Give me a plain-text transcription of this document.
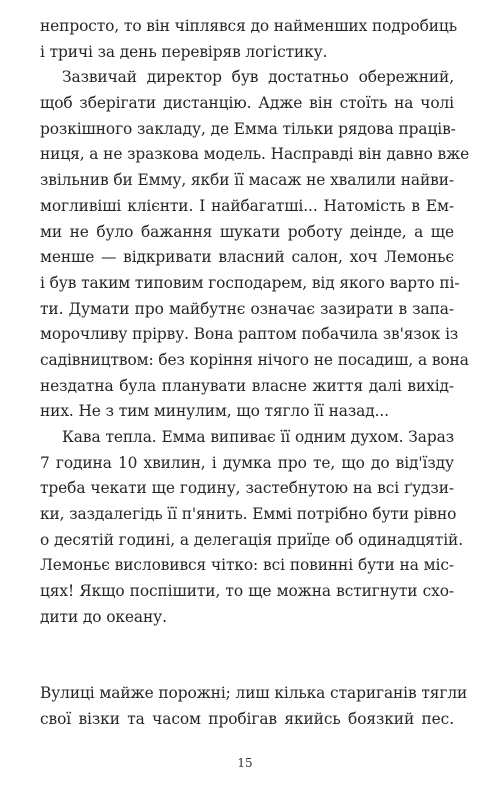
непросто, то він чіплявся до найменших подробиць
і тричі за день перевіряв логістику.
Зазвичай директор був достатньо обережний,
щоб зберігати дистанцію. Адже він стоїть на чолі
розкішного закладу, де Емма тільки рядова праців-
ниця, а не зразкова модель. Насправді він давно вже
звільнив би Емму, якби її масаж не хвалили найви-
могливіші клієнти. І найбагатші... Натомість в Ем-
ми не було бажання шукати роботу деінде, а ще
менше — відкривати власний салон, хоч Лемоньє
і був таким типовим господарем, від якого варто пі-
ти. Думати про майбутнє означає зазирати в запа-
морочливу прірву. Вона раптом побачила зв'язок із
садівництвом: без коріння нічого не посадиш, а вона
нездатна була планувати власне життя далі вихід-
них. Не з тим минулим, що тягло її назад...
Кава тепла. Емма випиває її одним духом. Зараз
7 година 10 хвилин, і думка про те, що до від'їзду
треба чекати ще годину, застебнутою на всі ґудзи-
ки, заздалегідь її п'янить. Еммі потрібно бути рівно
о десятій годині, а делегація приїде об одинадцятій.
Лемоньє висловився чітко: всі повинні бути на міс-
цях! Якщо поспішити, то ще можна встигнути схо-
дити до океану.
Вулиці майже порожні; лиш кілька стариганів тягли
свої візки та часом пробігав якийсь боязкий пес.
15
